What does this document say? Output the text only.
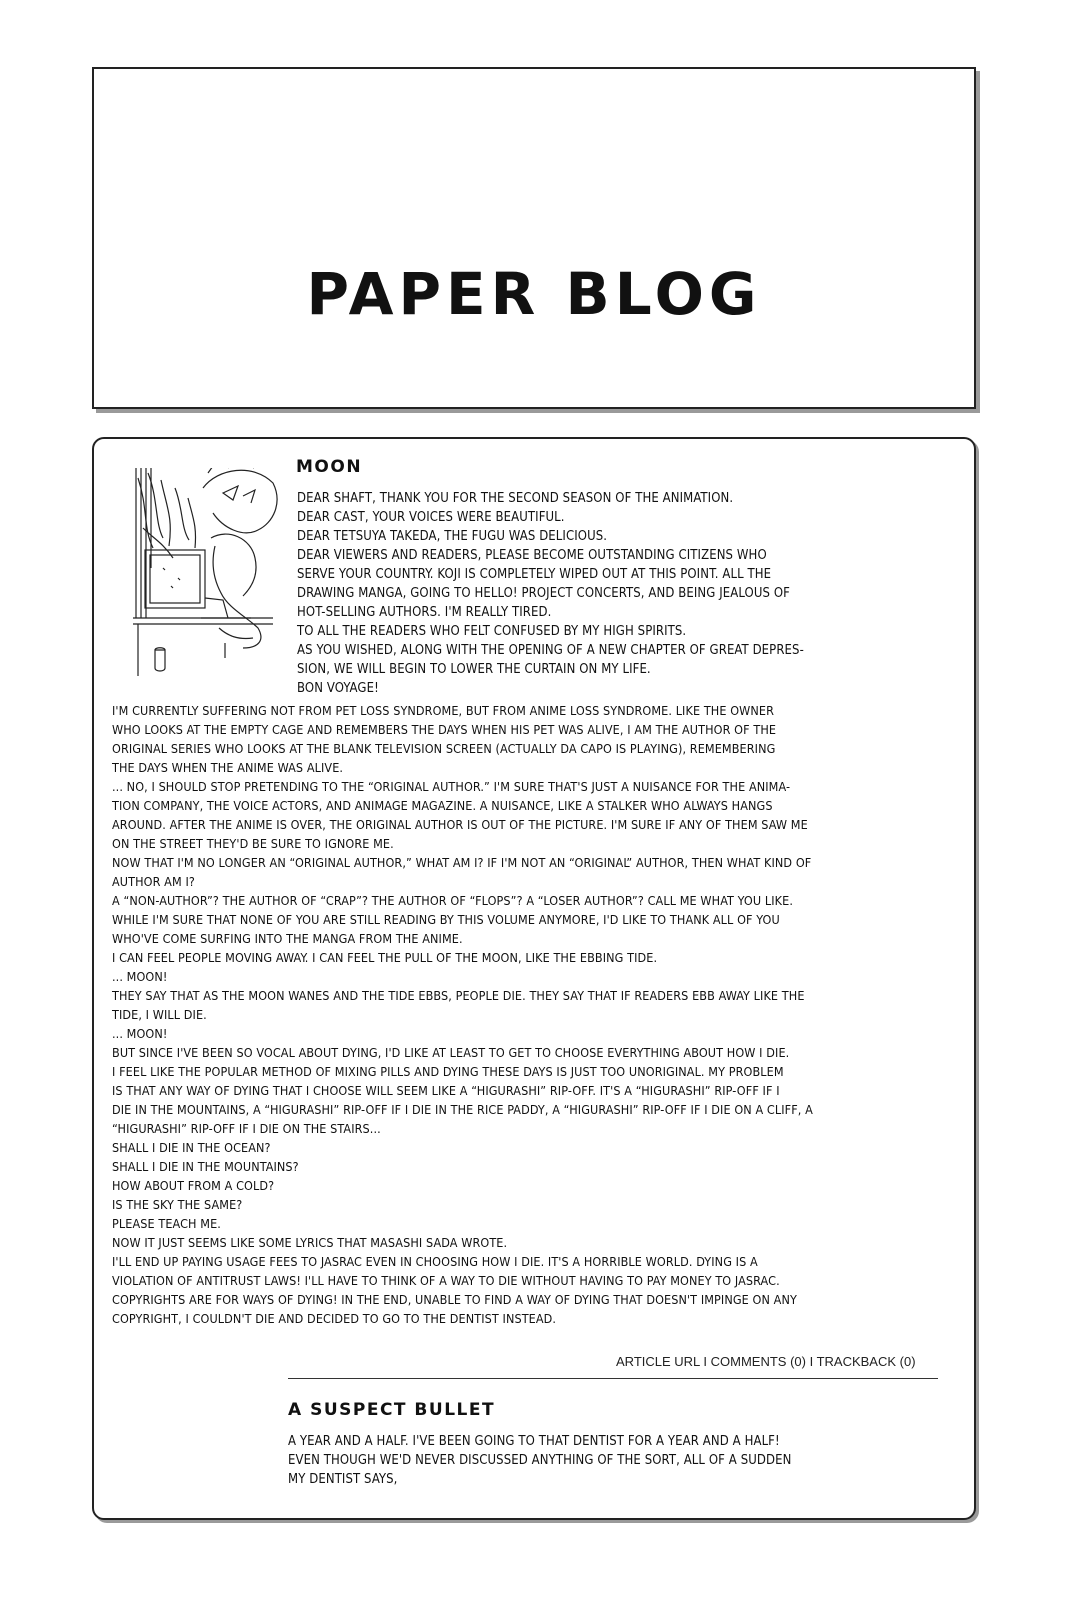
PAPER BLOG
MOON
DEAR SHAFT, THANK YOU FOR THE SECOND SEASON OF THE ANIMATION.
DEAR CAST, YOUR VOICES WERE BEAUTIFUL.
DEAR TETSUYA TAKEDA, THE FUGU WAS DELICIOUS.
DEAR VIEWERS AND READERS, PLEASE BECOME OUTSTANDING CITIZENS WHO
SERVE YOUR COUNTRY. KOJI IS COMPLETELY WIPED OUT AT THIS POINT. ALL THE
DRAWING MANGA, GOING TO HELLO! PROJECT CONCERTS, AND BEING JEALOUS OF
HOT-SELLING AUTHORS. I'M REALLY TIRED.
TO ALL THE READERS WHO FELT CONFUSED BY MY HIGH SPIRITS.
AS YOU WISHED, ALONG WITH THE OPENING OF A NEW CHAPTER OF GREAT DEPRES-
SION, WE WILL BEGIN TO LOWER THE CURTAIN ON MY LIFE.
BON VOYAGE!
I'M CURRENTLY SUFFERING NOT FROM PET LOSS SYNDROME, BUT FROM ANIME LOSS SYNDROME. LIKE THE OWNER
WHO LOOKS AT THE EMPTY CAGE AND REMEMBERS THE DAYS WHEN HIS PET WAS ALIVE, I AM THE AUTHOR OF THE
ORIGINAL SERIES WHO LOOKS AT THE BLANK TELEVISION SCREEN (ACTUALLY DA CAPO IS PLAYING), REMEMBERING
THE DAYS WHEN THE ANIME WAS ALIVE.
... NO, I SHOULD STOP PRETENDING TO THE “ORIGINAL AUTHOR.” I'M SURE THAT'S JUST A NUISANCE FOR THE ANIMA-
TION COMPANY, THE VOICE ACTORS, AND ANIMAGE MAGAZINE. A NUISANCE, LIKE A STALKER WHO ALWAYS HANGS
AROUND. AFTER THE ANIME IS OVER, THE ORIGINAL AUTHOR IS OUT OF THE PICTURE. I'M SURE IF ANY OF THEM SAW ME
ON THE STREET THEY'D BE SURE TO IGNORE ME.
NOW THAT I'M NO LONGER AN “ORIGINAL AUTHOR,” WHAT AM I? IF I'M NOT AN “ORIGINAL” AUTHOR, THEN WHAT KIND OF
AUTHOR AM I?
A “NON-AUTHOR”? THE AUTHOR OF “CRAP”? THE AUTHOR OF “FLOPS”? A “LOSER AUTHOR”? CALL ME WHAT YOU LIKE.
WHILE I'M SURE THAT NONE OF YOU ARE STILL READING BY THIS VOLUME ANYMORE, I'D LIKE TO THANK ALL OF YOU
WHO'VE COME SURFING INTO THE MANGA FROM THE ANIME.
I CAN FEEL PEOPLE MOVING AWAY. I CAN FEEL THE PULL OF THE MOON, LIKE THE EBBING TIDE.
... MOON!
THEY SAY THAT AS THE MOON WANES AND THE TIDE EBBS, PEOPLE DIE. THEY SAY THAT IF READERS EBB AWAY LIKE THE
TIDE, I WILL DIE.
... MOON!
BUT SINCE I'VE BEEN SO VOCAL ABOUT DYING, I'D LIKE AT LEAST TO GET TO CHOOSE EVERYTHING ABOUT HOW I DIE.
I FEEL LIKE THE POPULAR METHOD OF MIXING PILLS AND DYING THESE DAYS IS JUST TOO UNORIGINAL. MY PROBLEM
IS THAT ANY WAY OF DYING THAT I CHOOSE WILL SEEM LIKE A “HIGURASHI” RIP-OFF. IT'S A “HIGURASHI” RIP-OFF IF I
DIE IN THE MOUNTAINS, A “HIGURASHI” RIP-OFF IF I DIE IN THE RICE PADDY, A “HIGURASHI” RIP-OFF IF I DIE ON A CLIFF, A
“HIGURASHI” RIP-OFF IF I DIE ON THE STAIRS...
SHALL I DIE IN THE OCEAN?
SHALL I DIE IN THE MOUNTAINS?
HOW ABOUT FROM A COLD?
IS THE SKY THE SAME?
PLEASE TEACH ME.
NOW IT JUST SEEMS LIKE SOME LYRICS THAT MASASHI SADA WROTE.
I'LL END UP PAYING USAGE FEES TO JASRAC EVEN IN CHOOSING HOW I DIE. IT'S A HORRIBLE WORLD. DYING IS A
VIOLATION OF ANTITRUST LAWS! I'LL HAVE TO THINK OF A WAY TO DIE WITHOUT HAVING TO PAY MONEY TO JASRAC.
COPYRIGHTS ARE FOR WAYS OF DYING! IN THE END, UNABLE TO FIND A WAY OF DYING THAT DOESN'T IMPINGE ON ANY
COPYRIGHT, I COULDN'T DIE AND DECIDED TO GO TO THE DENTIST INSTEAD.
ARTICLE URL I COMMENTS (0) I TRACKBACK (0)
A SUSPECT BULLET
A YEAR AND A HALF. I'VE BEEN GOING TO THAT DENTIST FOR A YEAR AND A HALF!
EVEN THOUGH WE'D NEVER DISCUSSED ANYTHING OF THE SORT, ALL OF A SUDDEN
MY DENTIST SAYS,
